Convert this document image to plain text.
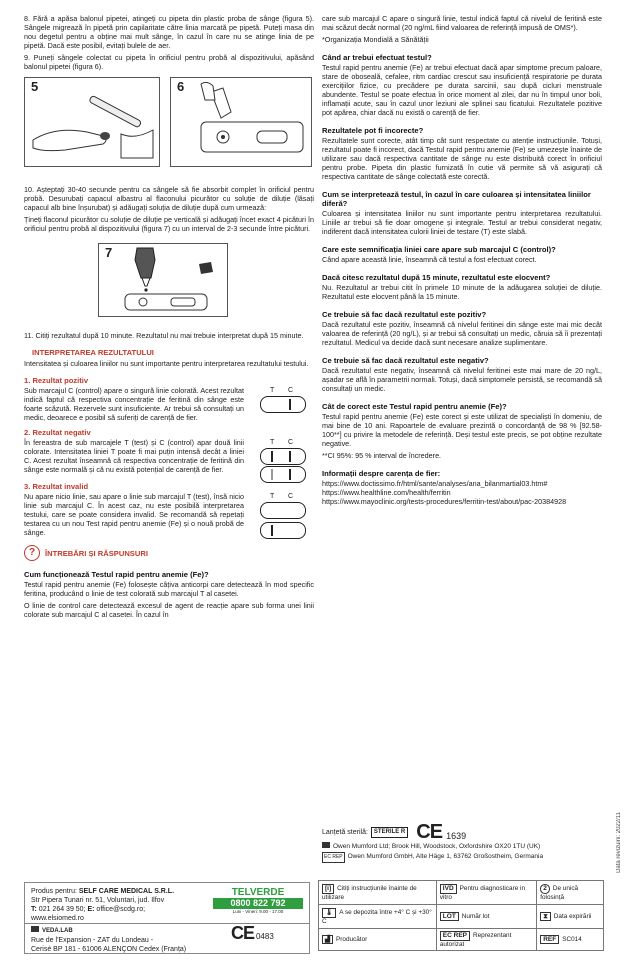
8. Fără a apăsa balonul pipetei, atingeți cu pipeta din plastic proba de sânge (figura 5). Sângele migrează în pipetă prin capilaritate către linia marcată pe pipetă. Puteți masa din nou degetul pentru a obține mai mult sânge, în cazul în care nu se atinge linia de pe pipetă. Dacă este posibil, evitați bulele de aer.

9. Puneți sângele colectat cu pipeta în orificiul pentru probă al dispozitivului, apăsând balonul pipetei (figura 6).

5	6

10. Așteptați 30-40 secunde pentru ca sângele să fie absorbit complet în orificiul pentru probă. Desurubați capacul albastru al flaconului picurător cu soluție de diluție (lăsați capacul alb bine înșurubat) și adăugați soluția de diluție după cum urmează:

Țineți flaconul picurător cu soluție de diluție pe verticală și adăugați încet exact 4 picături în orificiul pentru probă al dispozitivului (figura 7) cu un interval de 2-3 secunde între picături.

7

11. Citiți rezultatul după 10 minute. Rezultatul nu mai trebuie interpretat după 15 minute.

INTERPRETAREA REZULTATULUI

Intensitatea și culoarea liniilor nu sunt importante pentru interpretarea rezultatului testului.

1. Rezultat pozitiv

Sub marcajul C (control) apare o singură linie colorată. Acest rezultat indică faptul că respectiva concentrație de feritină din sânge este foarte scăzută. Rezervele sunt insuficiente. Ar trebui să consultați un medic, deoarece e posibil să suferiți de carență de fier.

T C
2. Rezultat negativ

În fereastra de sub marcajele T (test) și C (control) apar două linii colorate. Intensitatea liniei T poate fi mai puțin intensă decât a liniei C. Acest rezultat înseamnă că respectiva concentrație de feritină din sânge este normală și că nu există potențial de carență de fier.

T C
3. Rezultat invalid

Nu apare nicio linie, sau apare o linie sub marcajul T (test), însă nicio linie sub marcajul C. În acest caz, nu este posibilă interpretarea testului, care se poate considera invalid. Se recomandă să repetați testarea cu un nou Test rapid pentru anemie (Fe) și o nouă probă de sânge.

T C
?	ÎNTREBĂRI ȘI RĂSPUNSURI
Cum funcționează Testul rapid pentru anemie (Fe)?

Testul rapid pentru anemie (Fe) folosește câțiva anticorpi care detectează în mod specific feritina, producând o linie de test colorată sub marcajul T al casetei.

O linie de control care detectează excesul de agent de reacție apare sub forma unei linii colorate sub marcajul C al casetei. În cazul în

care sub marcajul C apare o singură linie, testul indică faptul că nivelul de feritină este mai scăzut decât normal (20 ng/mL fiind valoarea de referință impusă de OMS*).

*Organizația Mondială a Sănătății

Când ar trebui efectuat testul?

Testul rapid pentru anemie (Fe) ar trebui efectuat dacă apar simptome precum paloare, stare de oboseală, cefalee, ritm cardiac crescut sau insuficiență respiratorie pe durata exercițiilor fizice, cu precădere pe durata sarcinii, sau după cicluri menstruale abundente. Testul se poate efectua în orice moment al zilei, dar nu în timpul unor boli, inflamații acute, sau în cazul unor leziuni ale splinei sau ficatului. Rezultatele pozitive pot apărea, chiar dacă nu există o carență de fier.

Rezultatele pot fi incorecte?

Rezultatele sunt corecte, atât timp cât sunt respectate cu atenție instrucțiunile. Totuși, rezultatul poate fi incorect, dacă Testul rapid pentru anemie (Fe) se umezește înainte de utilizare sau dacă respectiva cantitate de sânge nu este distribuită corect în orificiul pentru probe. Pipeta din plastic furnizată în cutie vă permite să vă asigurați că respectiva cantitate de sânge colectată este corectă.

Cum se interpretează testul, în cazul în care culoarea și intensitatea liniilor diferă?

Culoarea și intensitatea liniilor nu sunt importante pentru interpretarea rezultatului. Liniile ar trebui să fie doar omogene și integrale. Testul ar trebui considerat negativ, indiferent dacă intensitatea culorii liniei de testare (T) este slabă.

Care este semnificația liniei care apare sub marcajul C (control)?

Când apare această linie, înseamnă că testul a fost efectuat corect.

Dacă citesc rezultatul după 15 minute, rezultatul este elocvent?

Nu. Rezultatul ar trebui citit în primele 10 minute de la adăugarea soluției de diluție. Rezultatul este elocvent până la 15 minute.

Ce trebuie să fac dacă rezultatul este pozitiv?

Dacă rezultatul este pozitiv, înseamnă că nivelul feritinei din sânge este mai mic decât valoarea de referință (20 ng/L), și ar trebui să consultați un medic, căruia să îi prezentați rezultatul. Medicul va decide dacă sunt necesare analize suplimentare.

Ce trebuie să fac dacă rezultatul este negativ?

Dacă rezultatul este negativ, înseamnă că nivelul feritinei este mai mare de 20 ng/L, așadar se află în parametrii normali. Totuși, dacă simptomele persistă, se recomandă să consultați un medic.

Cât de corect este Testul rapid pentru anemie (Fe)?

Testul rapid pentru anemie (Fe) este corect și este utilizat de specialiști în domeniu, de mai bine de 10 ani. Rapoartele de evaluare prezintă o concordanță de 98 % [92.58- 100**] cu privire la metodele de referință. Deși testul este precis, se pot obține rezultate negative.

**CI 95%: 95 % interval de încredere.

Informații despre carența de fier:

https://www.doctissimo.fr/html/sante/analyses/ana_bilanmartial03.htm#

https://www.healthline.com/health/ferritin

https://www.mayoclinic.org/tests-procedures/ferritin-test/about/pac-20384928

Lanțetă sterilă:	STERILE R CE 1639
Owen Mumford Ltd; Brook Hill, Woodstock, Oxfordshire OX20 1TU (UK)
EC REP Owen Mumford GmbH, Alte Häge 1, 63762 Großostheim, Germania
Produs pentru: SELF CARE MEDICAL S.R.L.
Str Pipera Tunari nr. 51, Voluntari, jud. Ilfov
T: 021 264 39 50; E: office@scdg.ro;
www.elsiomed.ro
TELVERDE
0800 822 792
Luni - Vineri: 9.00 - 17.00
VEDA.LAB
Rue de l'Expansion - ZAT du Londeau -
Cerisé BP 181 - 61006 ALENÇON Cedex (Franța)
CE 0483
[i] Citiți instrucțiunile înainte de utilizare	IVD Pentru diagnosticare in vitro	2 De unică folosință
🌡 A se depozita între +4° C și +30° C	LOT Număr lot	⧗ Data expirării
▟ Producător	EC REP Reprezentant autorizat	REF SC014
Data revizuirii: 2022/11
